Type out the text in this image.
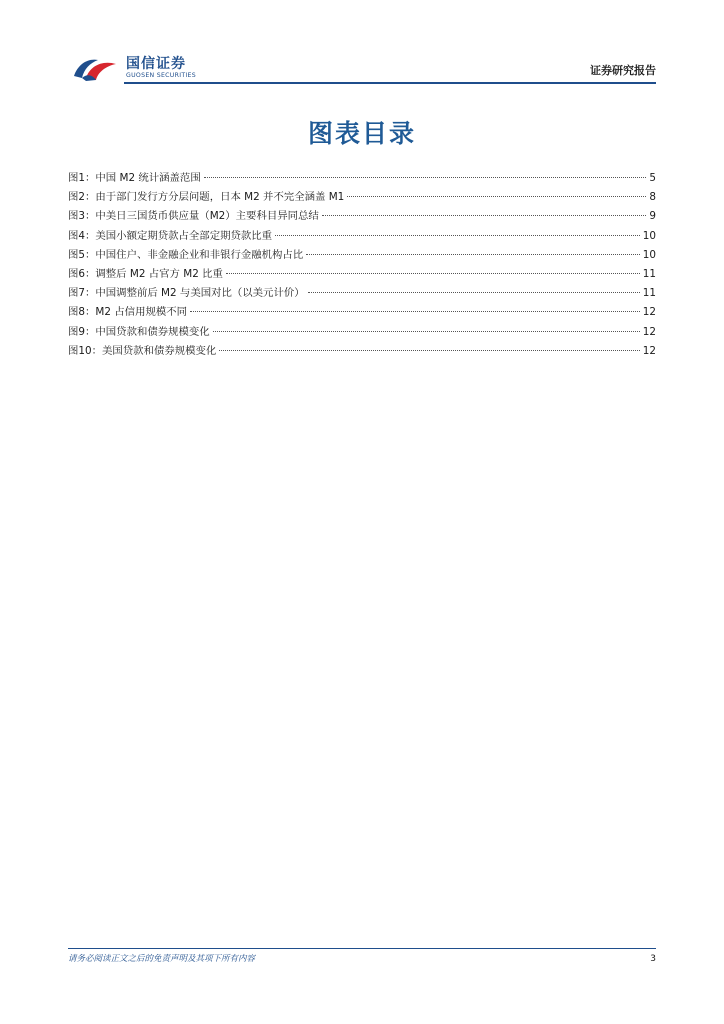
国信证券
GUOSEN SECURITIES	证券研究报告
图表目录
图1： 中国 M2 统计涵盖范围	5
图2： 由于部门发行方分层问题，日本 M2 并不完全涵盖 M1	8
图3： 中美日三国货币供应量（M2）主要科目异同总结	9
图4： 美国小额定期贷款占全部定期贷款比重	10
图5： 中国住户、非金融企业和非银行金融机构占比	10
图6： 调整后 M2 占官方 M2 比重	11
图7： 中国调整前后 M2 与美国对比（以美元计价）	11
图8： M2 占信用规模不同	12
图9： 中国贷款和债券规模变化	12
图10： 美国贷款和债券规模变化	12
请务必阅读正文之后的免责声明及其项下所有内容	3
